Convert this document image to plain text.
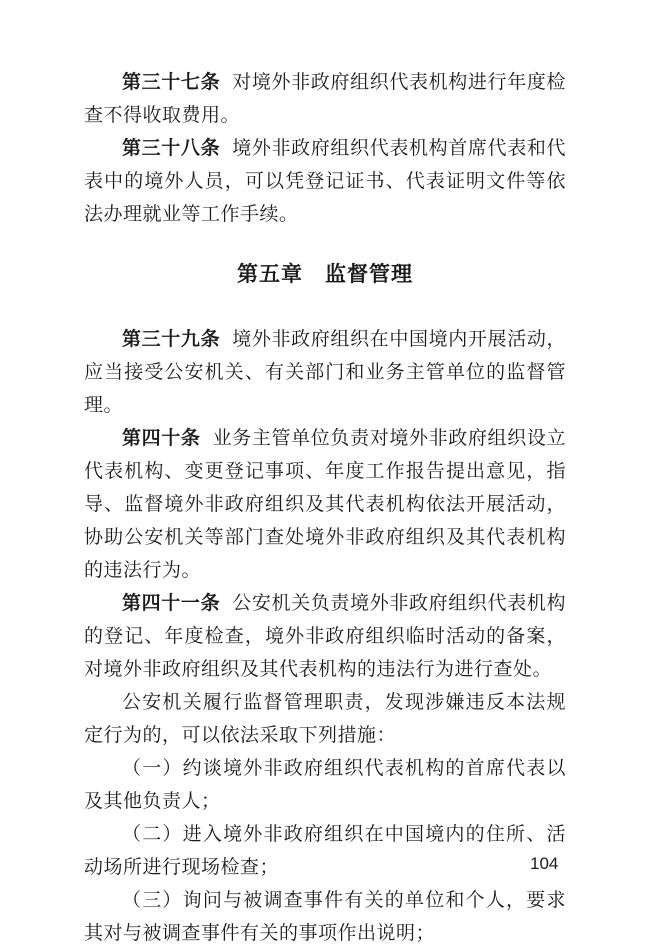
第三十七条 对境外非政府组织代表机构进行年度检查不得收取费用。

第三十八条 境外非政府组织代表机构首席代表和代表中的境外人员，可以凭登记证书、代表证明文件等依法办理就业等工作手续。

第五章 监督管理

第三十九条 境外非政府组织在中国境内开展活动，应当接受公安机关、有关部门和业务主管单位的监督管理。

第四十条 业务主管单位负责对境外非政府组织设立代表机构、变更登记事项、年度工作报告提出意见，指导、监督境外非政府组织及其代表机构依法开展活动，协助公安机关等部门查处境外非政府组织及其代表机构的违法行为。

第四十一条 公安机关负责境外非政府组织代表机构的登记、年度检查，境外非政府组织临时活动的备案，对境外非政府组织及其代表机构的违法行为进行查处。

公安机关履行监督管理职责，发现涉嫌违反本法规定行为的，可以依法采取下列措施：

（一）约谈境外非政府组织代表机构的首席代表以及其他负责人；

（二）进入境外非政府组织在中国境内的住所、活动场所进行现场检查；

（三）询问与被调查事件有关的单位和个人，要求其对与被调查事件有关的事项作出说明；

104
